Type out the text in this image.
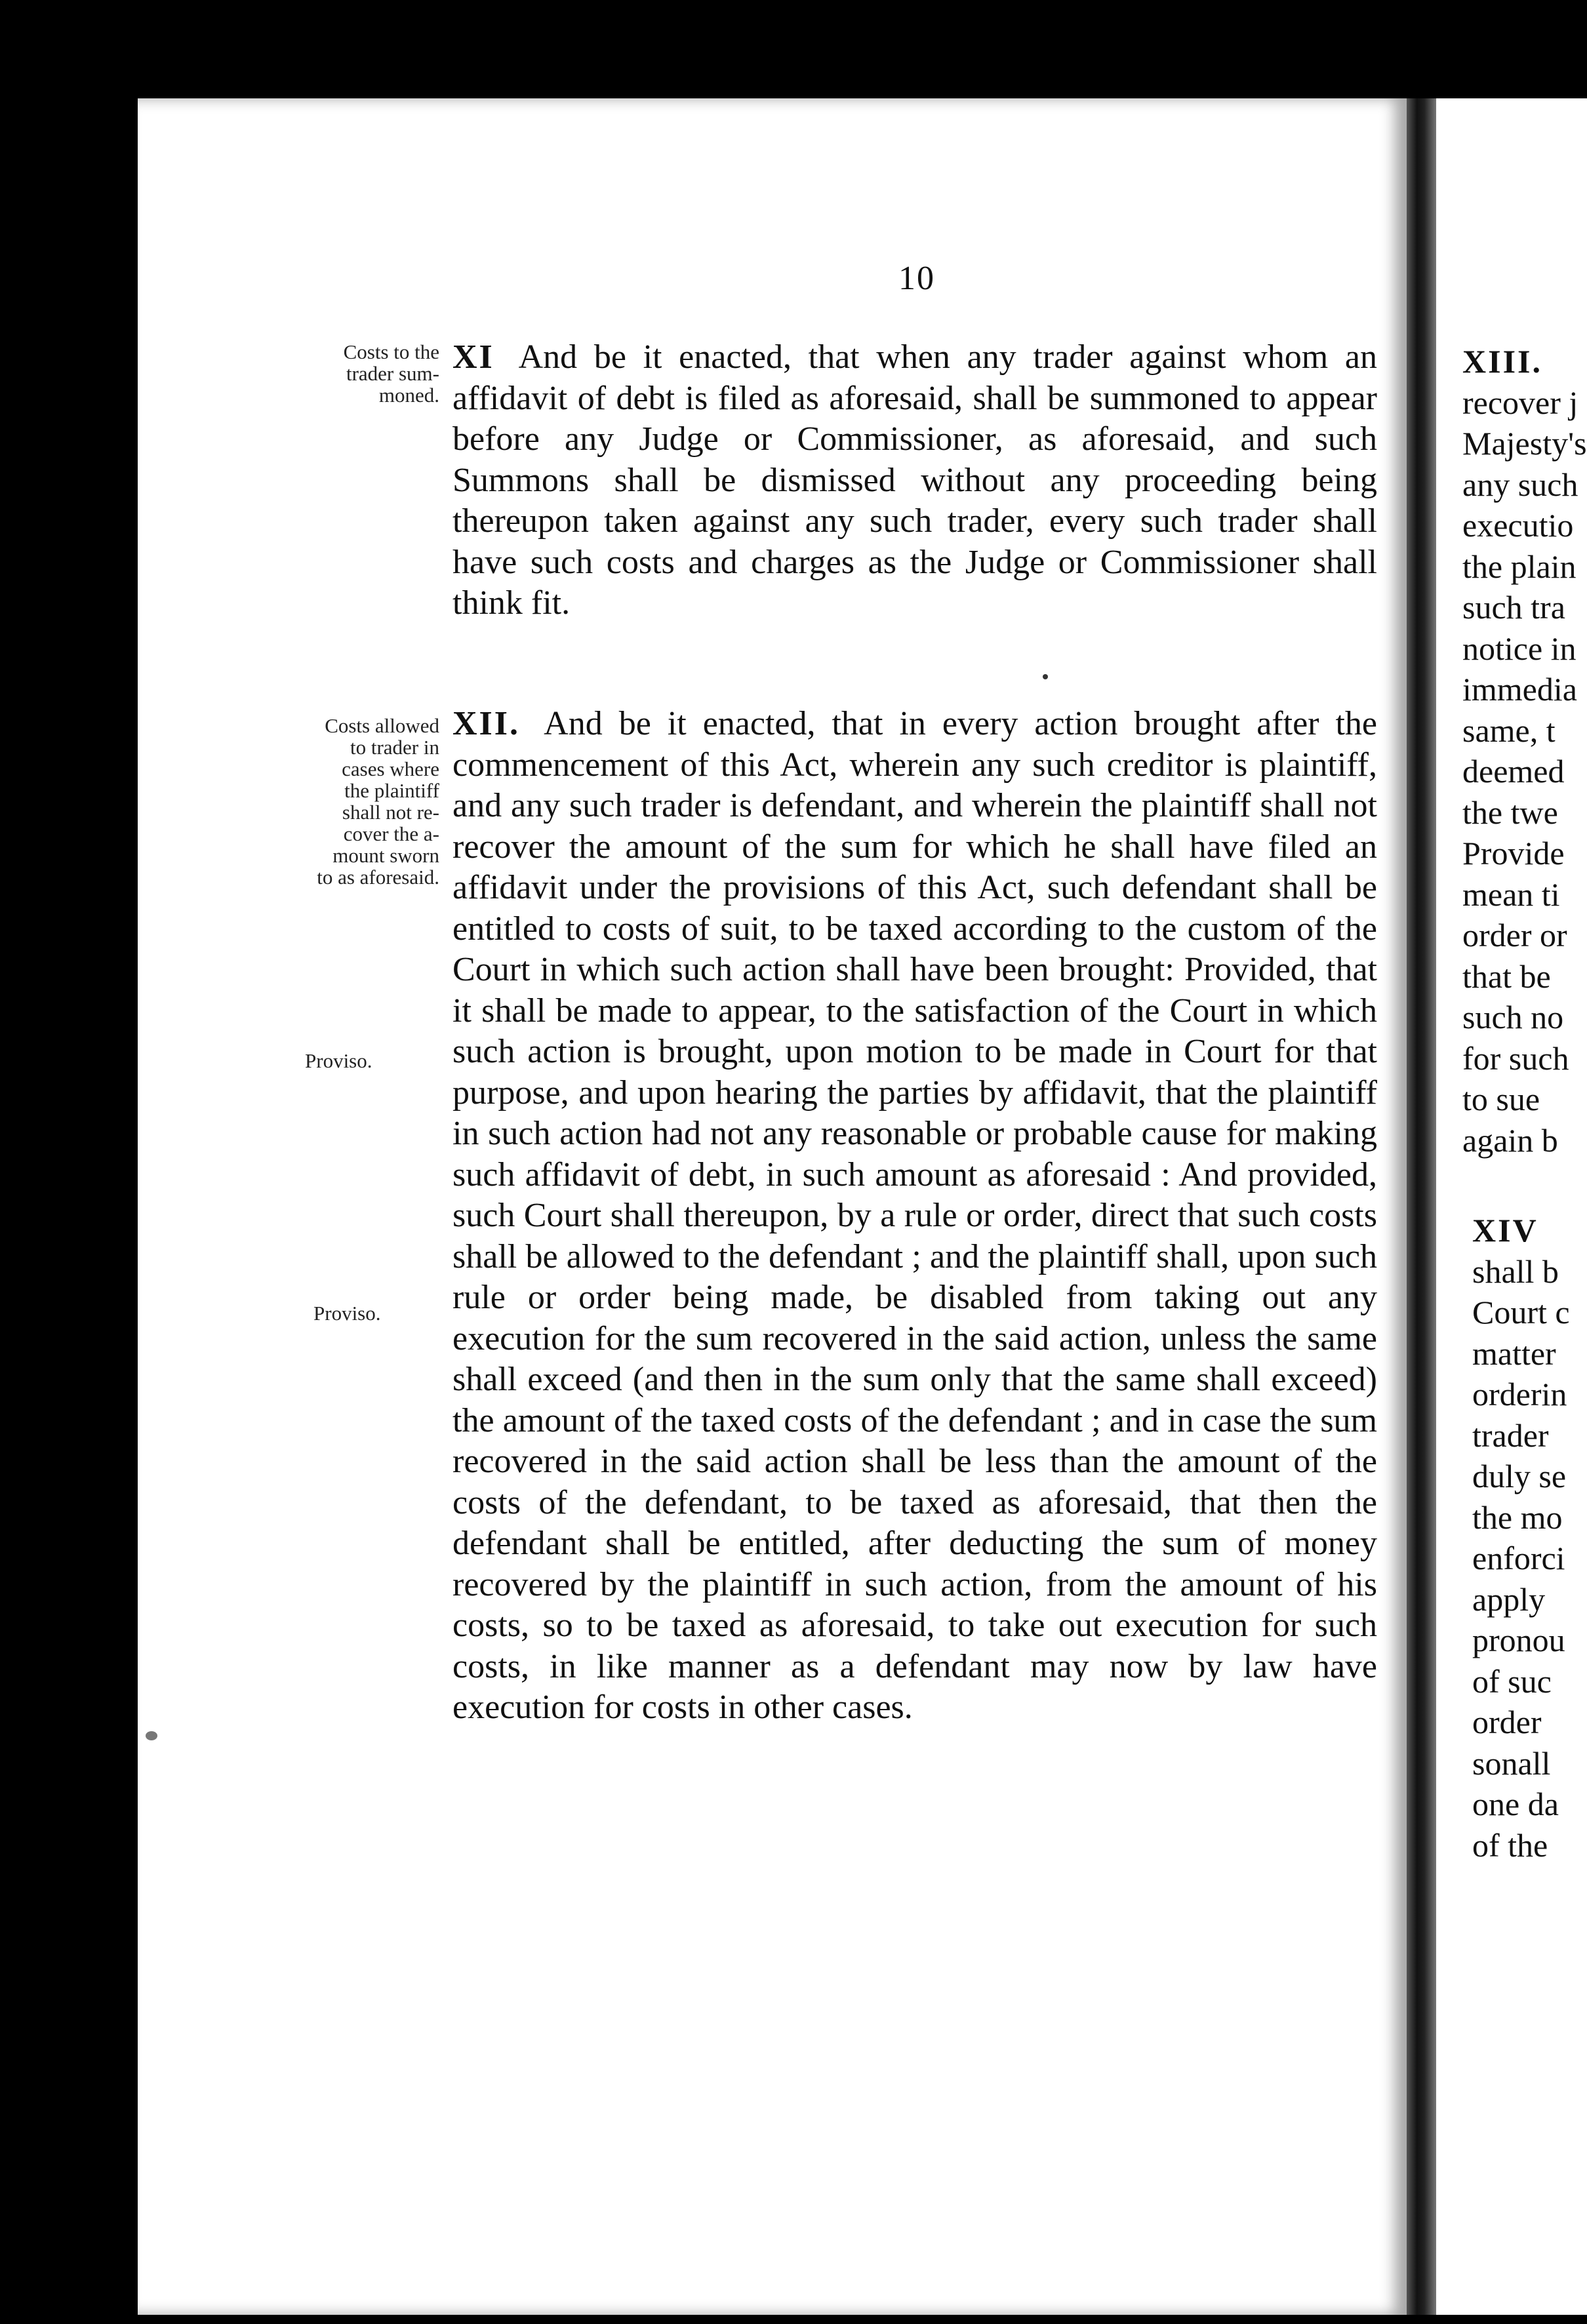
10
Costs to the
trader sum-
moned.
Costs allowed
to trader in
cases where
the plaintiff
shall not re-
cover the a-
mount sworn
to as aforesaid.
Proviso.
Proviso.

XI And be it enacted, that when any trader against whom an affidavit of debt is filed as aforesaid, shall be summoned to appear before any Judge or Commissioner, as aforesaid, and such Summons shall be dismissed without any proceeding being thereupon taken against any such trader, every such trader shall have such costs and charges as the Judge or Commissioner shall think fit.

XII. And be it enacted, that in every action brought after the commencement of this Act, wherein any such creditor is plaintiff, and any such trader is defendant, and wherein the plaintiff shall not recover the amount of the sum for which he shall have filed an affidavit under the provisions of this Act, such defendant shall be entitled to costs of suit, to be taxed according to the custom of the Court in which such action shall have been brought: Provided, that it shall be made to appear, to the satisfaction of the Court in which such action is brought, upon motion to be made in Court for that purpose, and upon hearing the parties by affidavit, that the plaintiff in such action had not any reasonable or probable cause for making such affidavit of debt, in such amount as aforesaid : And provided, such Court shall thereupon, by a rule or order, direct that such costs shall be allowed to the defendant ; and the plaintiff shall, upon such rule or order being made, be disabled from taking out any execution for the sum recovered in the said action, unless the same shall exceed (and then in the sum only that the same shall exceed) the amount of the taxed costs of the defendant ; and in case the sum recovered in the said action shall be less than the amount of the costs of the defendant, to be taxed as aforesaid, that then the defendant shall be entitled, after deducting the sum of money recovered by the plaintiff in such action, from the amount of his costs, so to be taxed as aforesaid, to take out execution for such costs, in like manner as a defendant may now by law have execution for costs in other cases.

XIII.
recover j
Majesty's
any such
executio
the plain
such tra
notice in
immedia
same, t
deemed
the twe
Provide
mean ti
order or
that be
such no
for such
to sue
again b
XIV
shall b
Court c
matter
orderin
trader
duly se
the mo
enforci
apply
pronou
of suc
order
sonall
one da
of the
